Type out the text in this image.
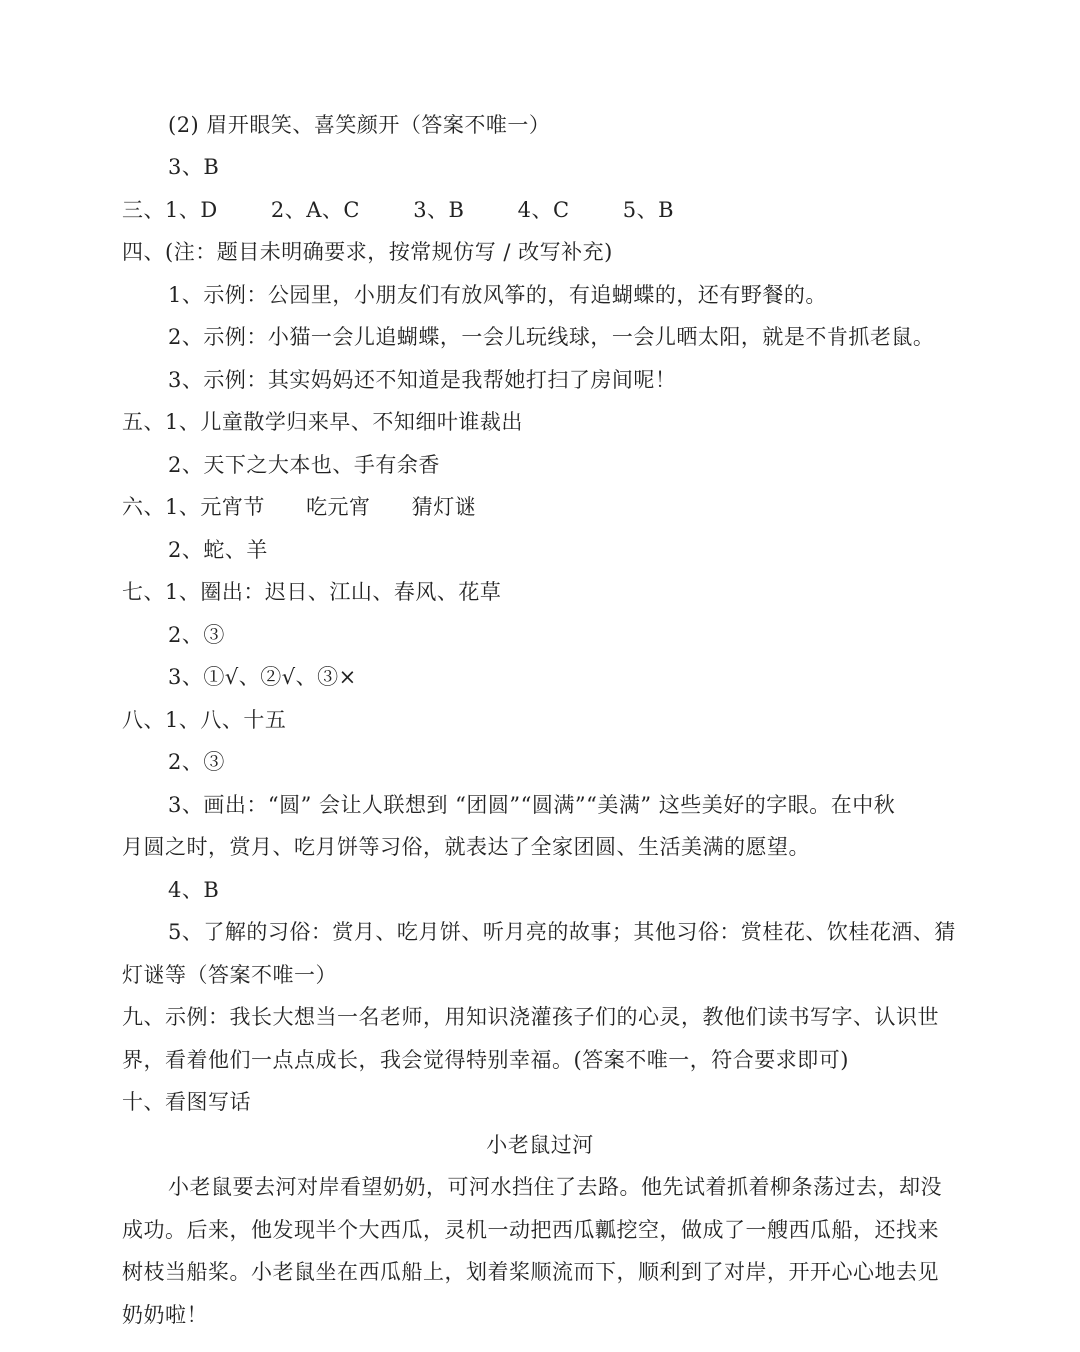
(2) 眉开眼笑、喜笑颜开（答案不唯一）
3、B
三、1、D	2、A、C	3、B	4、C	5、B
四、(注：题目未明确要求，按常规仿写 / 改写补充)
1、示例：公园里，小朋友们有放风筝的，有追蝴蝶的，还有野餐的。
2、示例：小猫一会儿追蝴蝶，一会儿玩线球，一会儿晒太阳，就是不肯抓老鼠。
3、示例：其实妈妈还不知道是我帮她打扫了房间呢！
五、1、儿童散学归来早、不知细叶谁裁出
2、天下之大本也、手有余香
六、1、元宵节 吃元宵 猜灯谜
2、蛇、羊
七、1、圈出：迟日、江山、春风、花草
2、③
3、①√、②√、③×
八、1、八、十五
2、③
3、画出：“圆” 会让人联想到 “团圆”“圆满”“美满” 这些美好的字眼。在中秋
月圆之时，赏月、吃月饼等习俗，就表达了全家团圆、生活美满的愿望。
4、B
5、了解的习俗：赏月、吃月饼、听月亮的故事；其他习俗：赏桂花、饮桂花酒、猜
灯谜等（答案不唯一）
九、示例：我长大想当一名老师，用知识浇灌孩子们的心灵，教他们读书写字、认识世
界，看着他们一点点成长，我会觉得特别幸福。(答案不唯一，符合要求即可)
十、看图写话
小老鼠过河
小老鼠要去河对岸看望奶奶，可河水挡住了去路。他先试着抓着柳条荡过去，却没
成功。后来，他发现半个大西瓜，灵机一动把西瓜瓤挖空，做成了一艘西瓜船，还找来
树枝当船桨。小老鼠坐在西瓜船上，划着桨顺流而下，顺利到了对岸，开开心心地去见
奶奶啦！
